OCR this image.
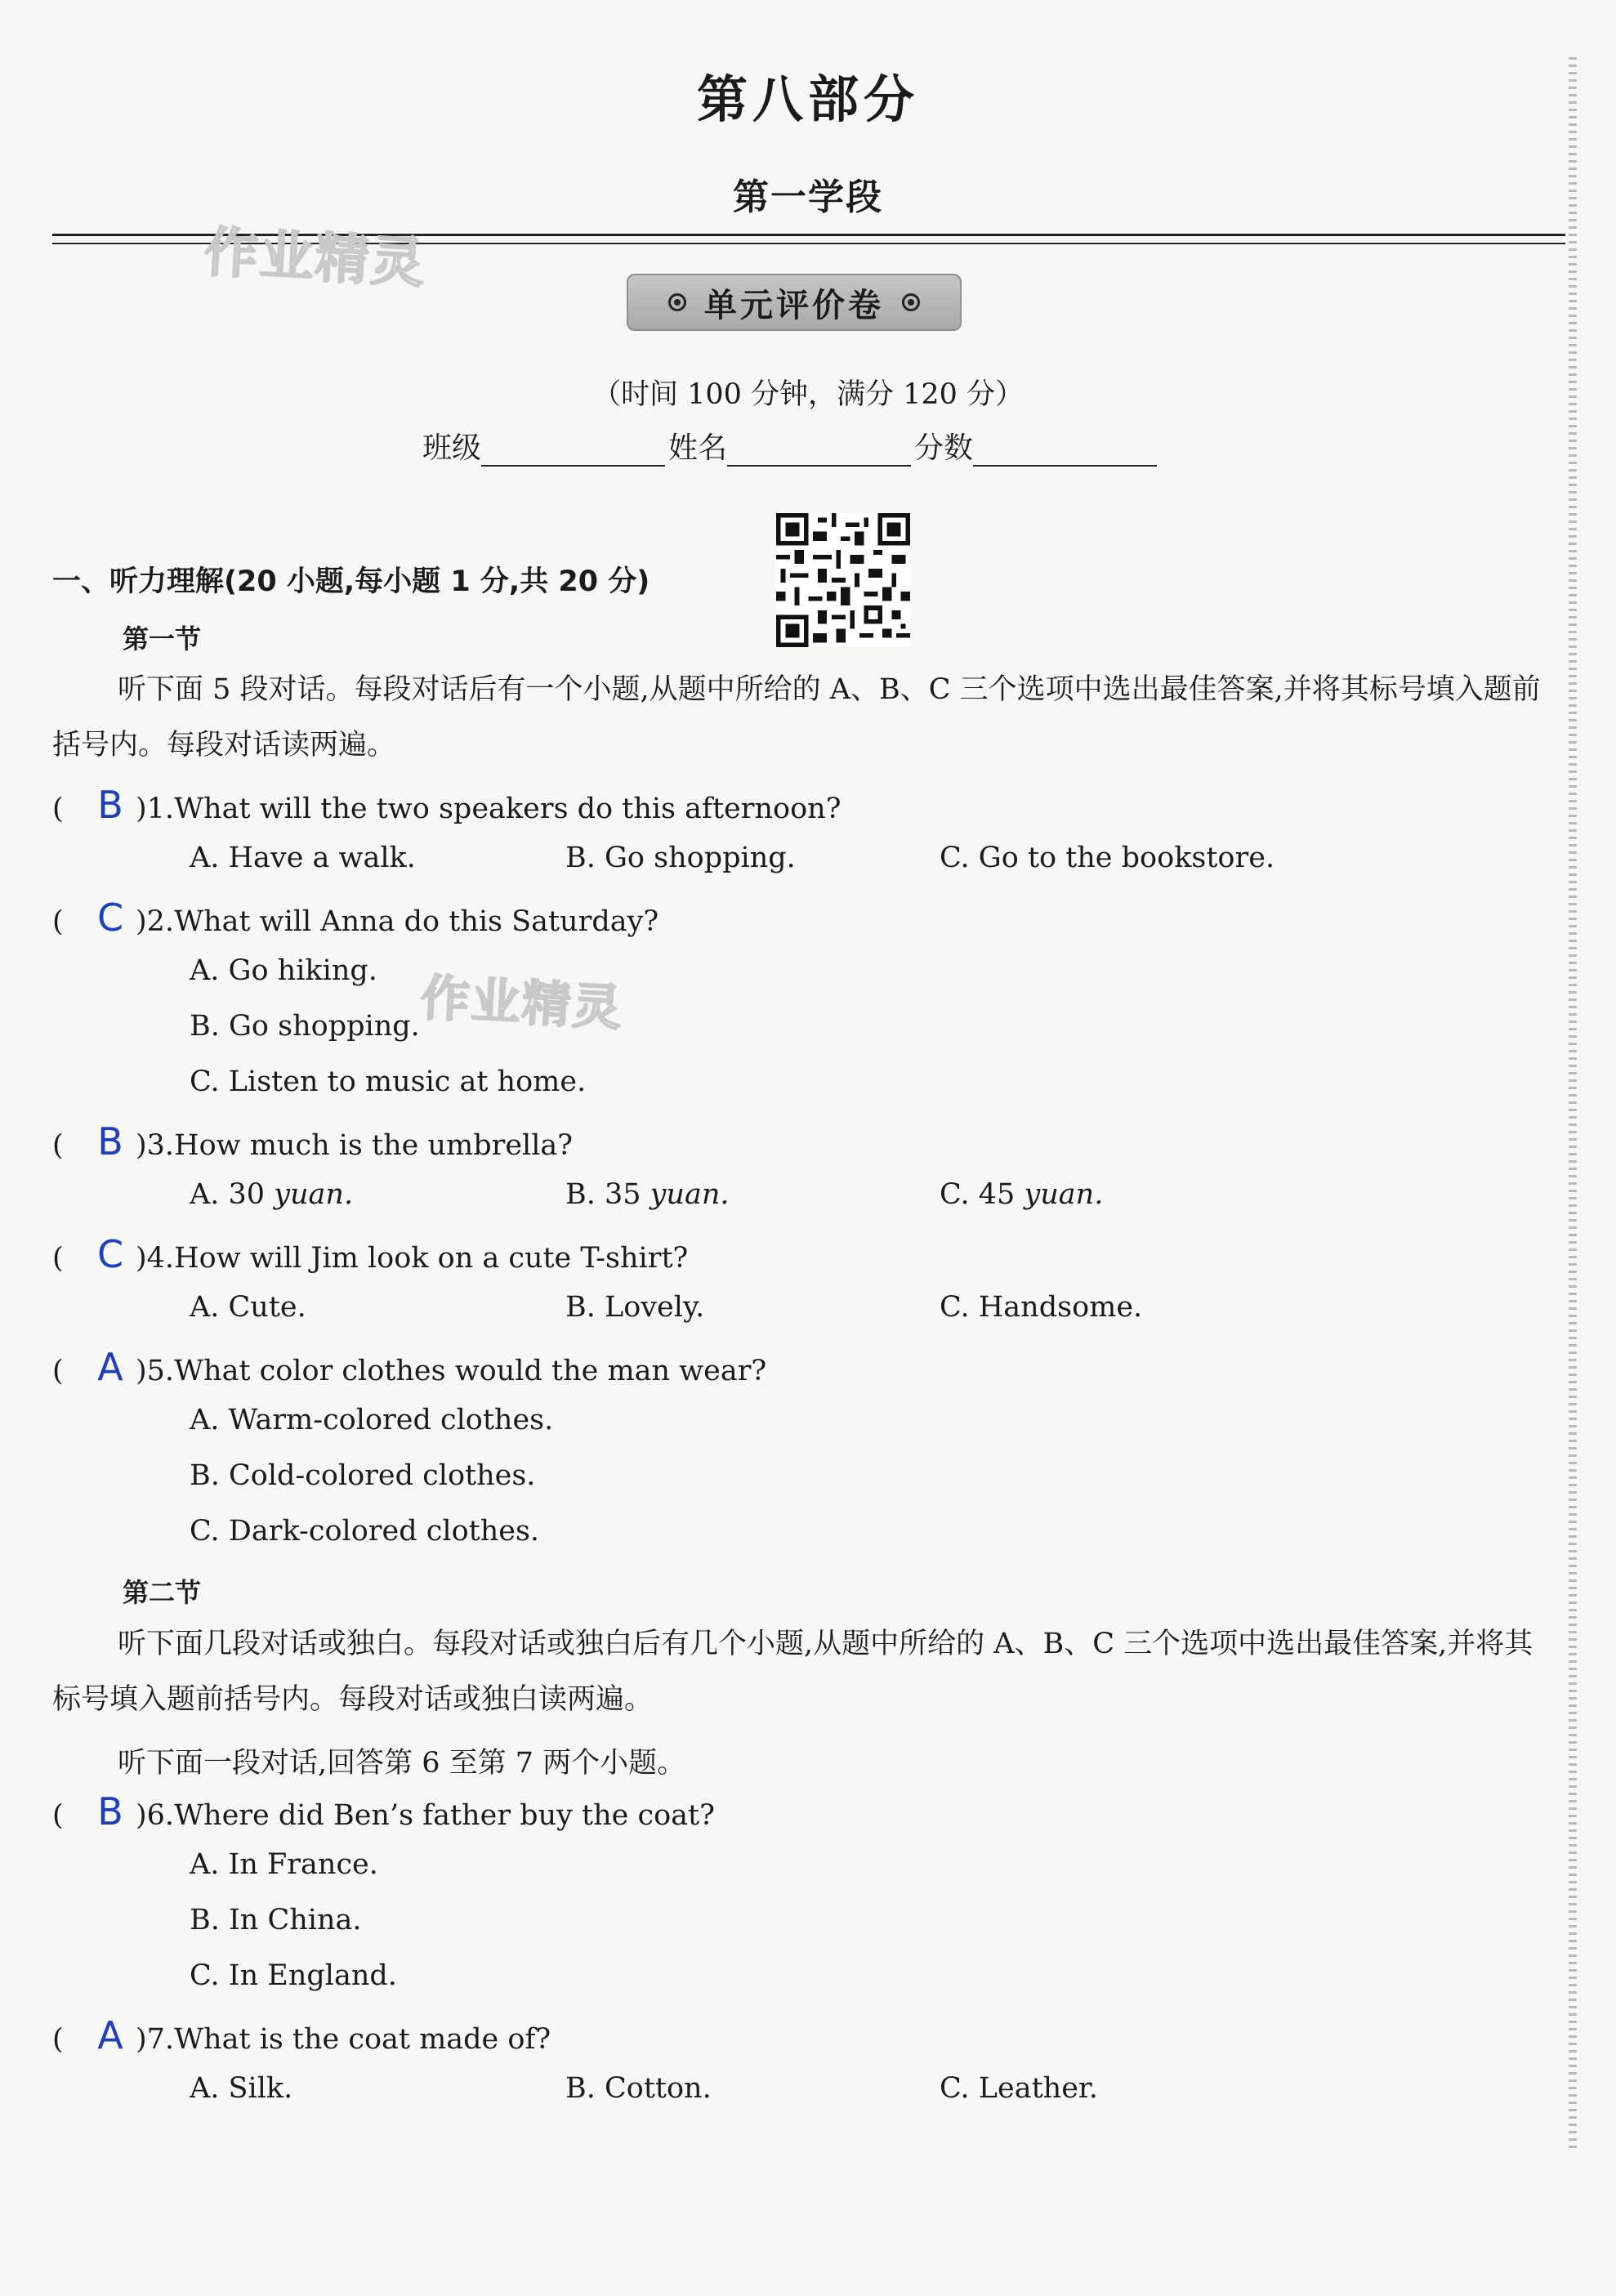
第八部分
第一学段
作业精灵
单元评价卷
（时间 100 分钟，满分 120 分）
班级	姓名	分数
一、听力理解(20 小题,每小题 1 分,共 20 分)
第一节
听下面 5 段对话。每段对话后有一个小题,从题中所给的 A、B、C 三个选项中选出最佳答案,并将其标号填入题前括号内。每段对话读两遍。
( B )1. What will the two speakers do this afternoon?
A. Have a walk.	B. Go shopping.	C. Go to the bookstore.
( C )2. What will Anna do this Saturday?
A. Go hiking.
B. Go shopping.
C. Listen to music at home.
作业精灵
( B )3. How much is the umbrella?
A. 30 yuan.	B. 35 yuan.	C. 45 yuan.
( C )4. How will Jim look on a cute T-shirt?
A. Cute.	B. Lovely.	C. Handsome.
( A )5. What color clothes would the man wear?
A. Warm-colored clothes.
B. Cold-colored clothes.
C. Dark-colored clothes.
第二节
听下面几段对话或独白。每段对话或独白后有几个小题,从题中所给的 A、B、C 三个选项中选出最佳答案,并将其标号填入题前括号内。每段对话或独白读两遍。
听下面一段对话,回答第 6 至第 7 两个小题。
( B )6. Where did Ben’s father buy the coat?
A. In France.
B. In China.
C. In England.
( A )7. What is the coat made of?
A. Silk.	B. Cotton.	C. Leather.
